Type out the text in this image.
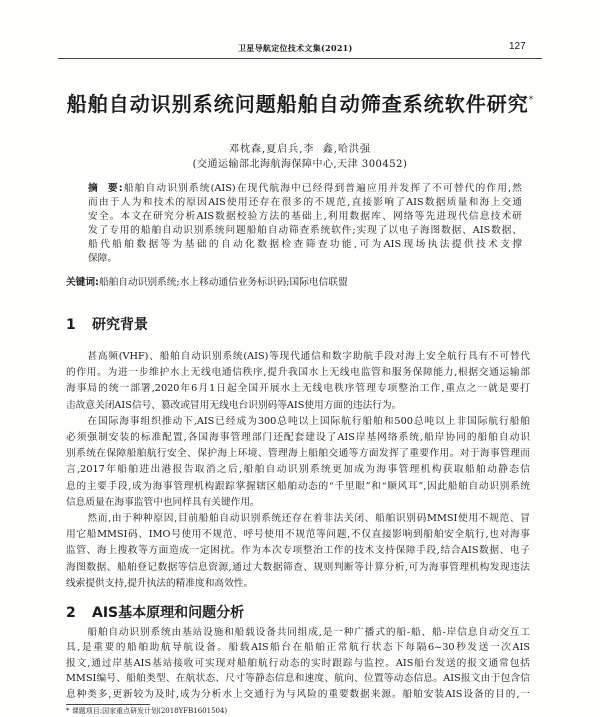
卫星导航定位技术文集(2021)	127
船舶自动识别系统问题船舶自动筛查系统软件研究*
邓枕森,夏启兵,李  鑫,哈洪强
(交通运输部北海航海保障中心,天津 300452)
摘  要:船舶自动识别系统(AIS)在现代航海中已经得到普遍应用并发挥了不可替代的作用,然
而由于人为和技术的原因AIS使用还存在很多的不规范,直接影响了AIS数据质量和海上交通
安全。本文在研究分析AIS数据校验方法的基础上,利用数据库、网络等先进现代信息技术研
发了专用的船舶自动识别系统问题船舶自动筛查系统软件;实现了以电子海图数据、AIS数据、
船代船舶数据等为基础的自动化数据检查筛查功能,可为AIS现场执法提供技术支撑
保障。
关键词:船舶自动识别系统;水上移动通信业务标识码;国际电信联盟
1 研究背景
甚高频(VHF)、船舶自动识别系统(AIS)等现代通信和数字助航手段对海上安全航行具有不可替代
的作用。为进一步维护水上无线电通信秩序,提升我国水上无线电监管和服务保障能力,根据交通运输部
海事局的统一部署,2020年6月1日起全国开展水上无线电秩序管理专项整治工作,重点之一就是要打
击故意关闭AIS信号、篡改或冒用无线电台识别码等AIS使用方面的违法行为。
在国际海事组织推动下,AIS已经成为300总吨以上国际航行船舶和500总吨以上非国际航行船舶
必须强制安装的标准配置,各国海事管理部门还配套建设了AIS岸基网络系统,船岸协同的船舶自动识
别系统在保障船舶航行安全、保护海上环境、管理海上船舶交通等方面发挥了重要作用。对于海事管理而
言,2017年船舶进出港报告取消之后,船舶自动识别系统更加成为海事管理机构获取船舶动静态信
息的主要手段,成为海事管理机构跟踪掌握辖区船舶动态的“千里眼”和“顺风耳”,因此船舶自动识别系统
信息质量在海事监管中也同样具有关键作用。
然而,由于种种原因,目前船舶自动识别系统还存在着非法关闭、船舶识别码MMSI使用不规范、冒
用它船MMSI码、IMO号使用不规范、呼号使用不规范等问题,不仅直接影响到船舶安全航行,也对海事
监管、海上搜救等方面造成一定困扰。作为本次专项整治工作的技术支持保障手段,结合AIS数据、电子
海图数据、船舶登记数据等信息资源,通过大数据筛查、规则判断等计算分析,可为海事管理机构发现违法
线索提供支持,提升执法的精准度和高效性。
2 AIS基本原理和问题分析
船舶自动识别系统由基站设施和船载设备共同组成,是一种广播式的船-船、船-岸信息自动交互工
具,是重要的船舶助航导航设备。船载AIS船台在船舶正常航行状态下每隔6~30秒发送一次AIS
报文,通过岸基AIS基站接收可实现对船舶航行动态的实时跟踪与监控。AIS船台发送的报文通常包括
MMSI编号、船舶类型、在航状态、尺寸等静态信息和速度、航向、位置等动态信息。AIS报文由于包含信
息种类多,更新较为及时,成为分析水上交通行为与风险的重要数据来源。船舶安装AIS设备的目的,一
* 课题项目:国家重点研发计划(2018YFB1601504)
